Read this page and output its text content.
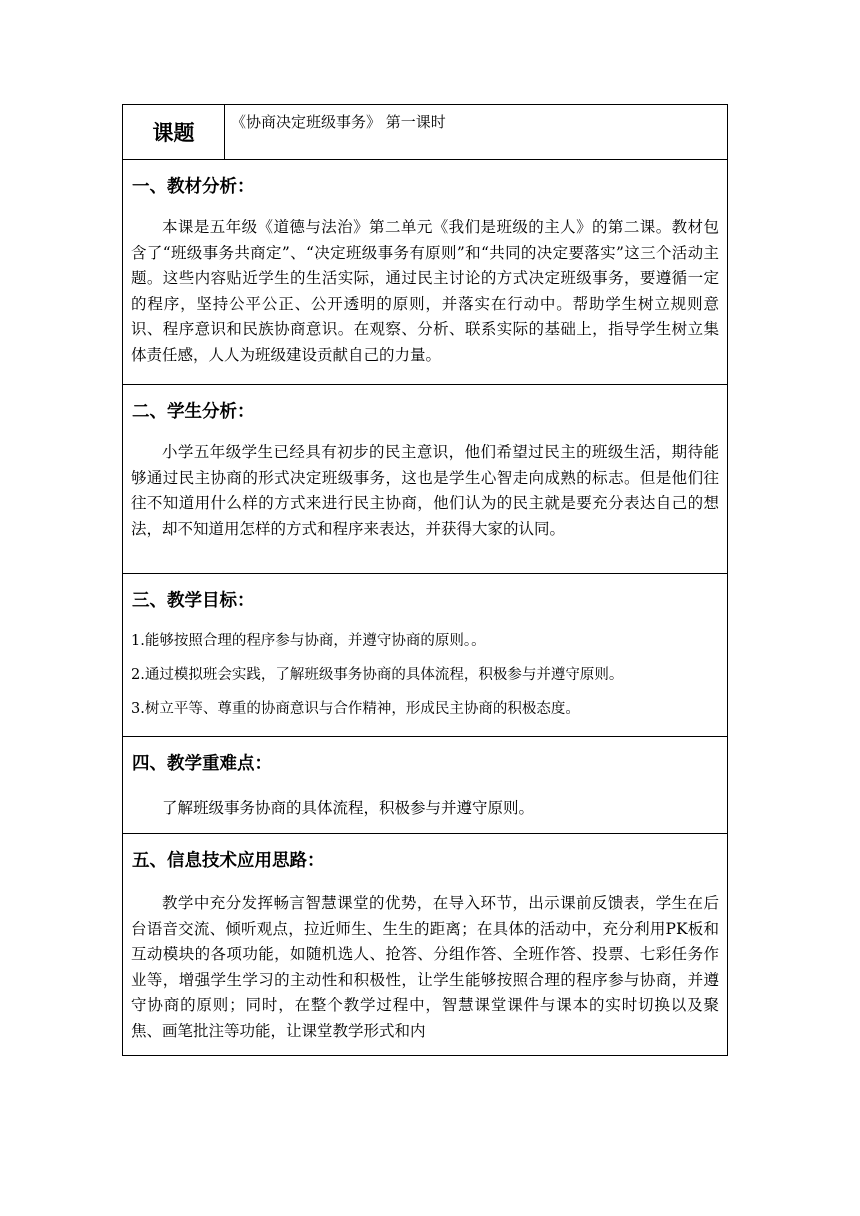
课题	《协商决定班级事务》 第一课时

一、教材分析：
本课是五年级《道德与法治》第二单元《我们是班级的主人》的第二课。教材包含了“班级事务共商定”、“决定班级事务有原则”和“共同的决定要落实”这三个活动主题。这些内容贴近学生的生活实际，通过民主讨论的方式决定班级事务，要遵循一定的程序，坚持公平公正、公开透明的原则，并落实在行动中。帮助学生树立规则意识、程序意识和民族协商意识。在观察、分析、联系实际的基础上，指导学生树立集体责任感，人人为班级建设贡献自己的力量。

二、学生分析：
小学五年级学生已经具有初步的民主意识，他们希望过民主的班级生活，期待能够通过民主协商的形式决定班级事务，这也是学生心智走向成熟的标志。但是他们往往不知道用什么样的方式来进行民主协商，他们认为的民主就是要充分表达自己的想法，却不知道用怎样的方式和程序来表达，并获得大家的认同。

三、教学目标：
1.能够按照合理的程序参与协商，并遵守协商的原则。。
2.通过模拟班会实践，了解班级事务协商的具体流程，积极参与并遵守原则。
3.树立平等、尊重的协商意识与合作精神，形成民主协商的积极态度。

四、教学重难点：
了解班级事务协商的具体流程，积极参与并遵守原则。

五、信息技术应用思路：
教学中充分发挥畅言智慧课堂的优势，在导入环节，出示课前反馈表，学生在后台语音交流、倾听观点，拉近师生、生生的距离；在具体的活动中，充分利用PK板和互动模块的各项功能，如随机选人、抢答、分组作答、全班作答、投票、七彩任务作业等，增强学生学习的主动性和积极性，让学生能够按照合理的程序参与协商，并遵守协商的原则；同时，在整个教学过程中，智慧课堂课件与课本的实时切换以及聚焦、画笔批注等功能，让课堂教学形式和内
